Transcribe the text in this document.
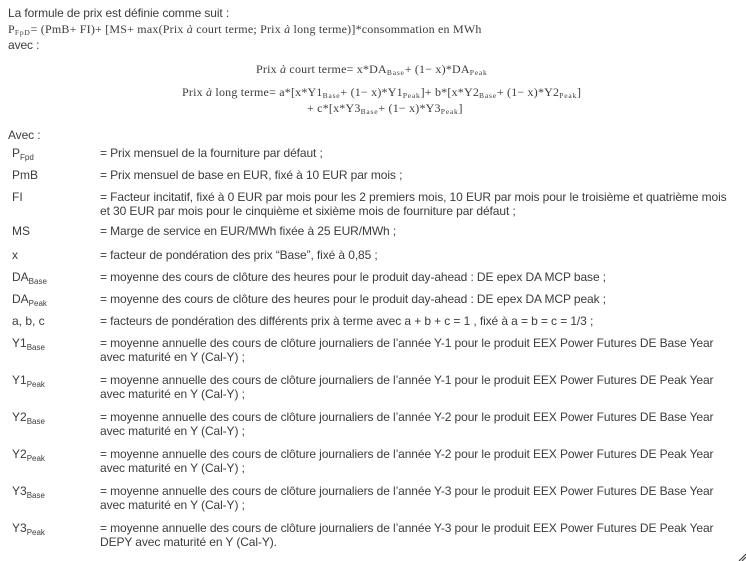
La formule de prix est définie comme suit :
$P_{FpD}= (PmB+ FI)+ [MS+$ max(Prix à court terme; Prix à long terme)]*consommation en MWh
avec :
Prix à court terme= $x*DA_{Base}+ (1- x)*DA_{Peak}$
Prix à long terme= $a*[x*Y1_{Base}+ (1- x)*Y1_{Peak}]+ b*[x*Y2_{Base}+ (1- x)*Y2_{Peak}]$
+ $c*[x*Y3_{Base}+ (1- x)*Y3_{Peak}]$
Avec :
$P_{Fpd}$	= Prix mensuel de la fourniture par défaut ;
PmB	= Prix mensuel de base en EUR, fixé à 10 EUR par mois ;
FI	= Facteur incitatif, fixé à 0 EUR par mois pour les 2 premiers mois, 10 EUR par mois pour le troisième et quatrième mois et 30 EUR par mois pour le cinquième et sixième mois de fourniture par défaut ;
MS	= Marge de service en EUR/MWh fixée à 25 EUR/MWh ;
x	= facteur de pondération des prix “Base”, fixé à 0,85 ;
$DA_{Base}$	= moyenne des cours de clôture des heures pour le produit day-ahead : DE epex DA MCP base ;
$DA_{Peak}$	= moyenne des cours de clôture des heures pour le produit day-ahead : DE epex DA MCP peak ;
a, b, c	= facteurs de pondération des différents prix à terme avec a + b + c = 1 , fixé à a = b = c = 1/3 ;
$Y1_{Base}$	= moyenne annuelle des cours de clôture journaliers de l’année Y-1 pour le produit EEX Power Futures DE Base Year avec maturité en Y (Cal-Y) ;
$Y1_{Peak}$	= moyenne annuelle des cours de clôture journaliers de l’année Y-1 pour le produit EEX Power Futures DE Peak Year avec maturité en Y (Cal-Y) ;
$Y2_{Base}$	= moyenne annuelle des cours de clôture journaliers de l’année Y-2 pour le produit EEX Power Futures DE Base Year avec maturité en Y (Cal-Y) ;
$Y2_{Peak}$	= moyenne annuelle des cours de clôture journaliers de l’année Y-2 pour le produit EEX Power Futures DE Peak Year avec maturité en Y (Cal-Y) ;
$Y3_{Base}$	= moyenne annuelle des cours de clôture journaliers de l’année Y-3 pour le produit EEX Power Futures DE Base Year avec maturité en Y (Cal-Y) ;
$Y3_{Peak}$	= moyenne annuelle des cours de clôture journaliers de l’année Y-3 pour le produit EEX Power Futures DE Peak Year DEPY avec maturité en Y (Cal-Y).
